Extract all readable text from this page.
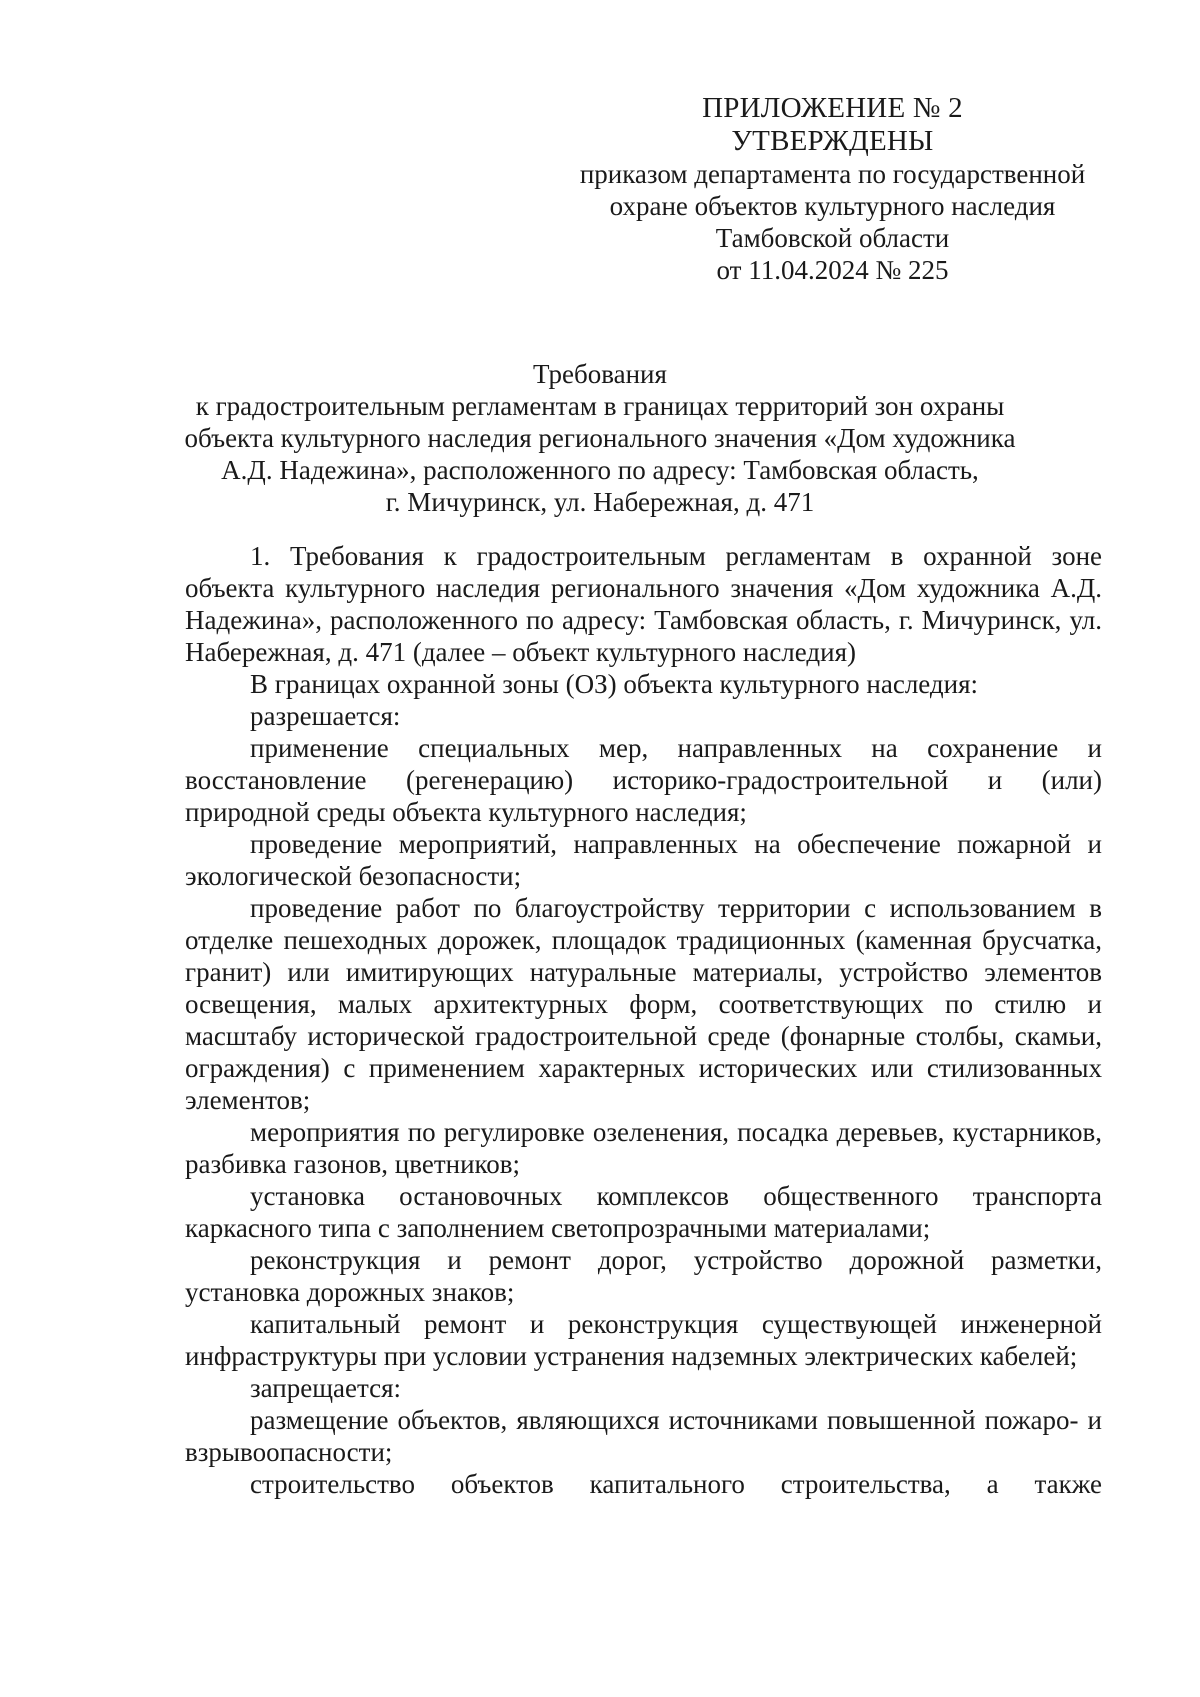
ПРИЛОЖЕНИЕ № 2
УТВЕРЖДЕНЫ
приказом департамента по государственной
охране объектов культурного наследия
Тамбовской области
от 11.04.2024 № 225
Требования
к градостроительным регламентам в границах территорий зон охраны
объекта культурного наследия регионального значения «Дом художника
А.Д. Надежина», расположенного по адресу: Тамбовская область,
г. Мичуринск, ул. Набережная, д. 471

1. Требования к градостроительным регламентам в охранной зоне объекта культурного наследия регионального значения «Дом художника А.Д. Надежина», расположенного по адресу: Тамбовская область, г. Мичуринск, ул. Набережная, д. 471 (далее – объект культурного наследия)

В границах охранной зоны (ОЗ) объекта культурного наследия:

разрешается:

применение специальных мер, направленных на сохранение и восстановление (регенерацию) историко-градостроительной и (или) природной среды объекта культурного наследия;

проведение мероприятий, направленных на обеспечение пожарной и экологической безопасности;

проведение работ по благоустройству территории с использованием в отделке пешеходных дорожек, площадок традиционных (каменная брусчатка, гранит) или имитирующих натуральные материалы, устройство элементов освещения, малых архитектурных форм, соответствующих по стилю и масштабу исторической градостроительной среде (фонарные столбы, скамьи, ограждения) с применением характерных исторических или стилизованных элементов;

мероприятия по регулировке озеленения, посадка деревьев, кустарников, разбивка газонов, цветников;

установка остановочных комплексов общественного транспорта каркасного типа с заполнением светопрозрачными материалами;

реконструкция и ремонт дорог, устройство дорожной разметки, установка дорожных знаков;

капитальный ремонт и реконструкция существующей инженерной инфраструктуры при условии устранения надземных электрических кабелей;

запрещается:

размещение объектов, являющихся источниками повышенной пожаро- и взрывоопасности;

строительство объектов капитального строительства, а также
